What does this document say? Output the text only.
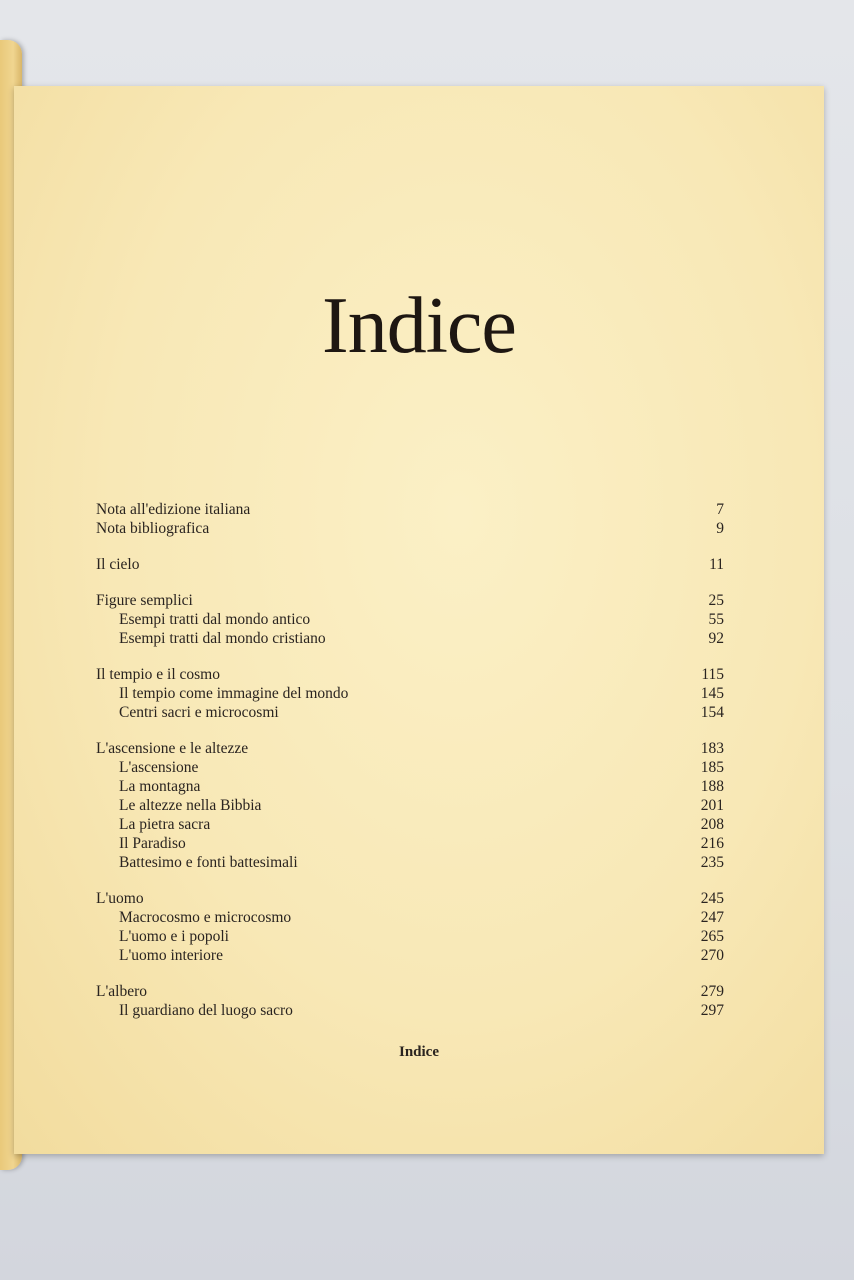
Indice
Nota all'edizione italiana	7
Nota bibliografica	9
Il cielo	11
Figure semplici	25
Esempi tratti dal mondo antico	55
Esempi tratti dal mondo cristiano	92
Il tempio e il cosmo	115
Il tempio come immagine del mondo	145
Centri sacri e microcosmi	154
L'ascensione e le altezze	183
L'ascensione	185
La montagna	188
Le altezze nella Bibbia	201
La pietra sacra	208
Il Paradiso	216
Battesimo e fonti battesimali	235
L'uomo	245
Macrocosmo e microcosmo	247
L'uomo e i popoli	265
L'uomo interiore	270
L'albero	279
Il guardiano del luogo sacro	297
Indice
